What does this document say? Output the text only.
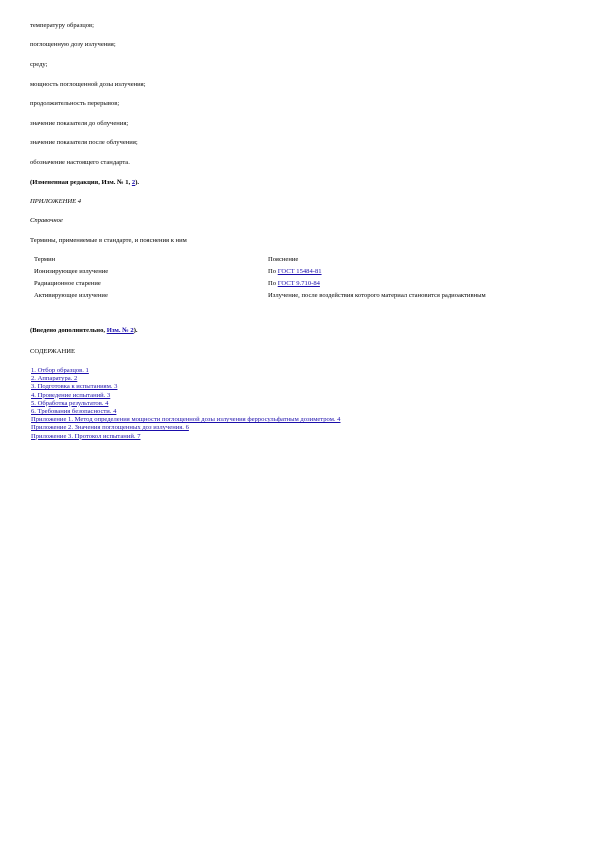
температуру образцов;
поглощенную дозу излучения;
среду;
мощность поглощенной дозы излучения;
продолжительность перерывов;
значение показателя до облучения;
значение показателя после облучения;
обозначение настоящего стандарта.
(Измененная редакция, Изм. № 1, 2).
ПРИЛОЖЕНИЕ 4
Справочное
Термины, применяемые в стандарте, и пояснения к ним
Термин	Пояснение
Ионизирующее излучение	По ГОСТ 15484-81
Радиационное старение	По ГОСТ 9.710-84
Активирующее излучение	Излучение, после воздействия которого материал становится радиоактивным
(Введено дополнительно, Изм. № 2).
СОДЕРЖАНИЕ
1. Отбор образцов. 1
2. Аппаратура. 2
3. Подготовка к испытаниям. 3
4. Проведение испытаний. 3
5. Обработка результатов. 4
6. Требования безопасности. 4
Приложение 1. Метод определения мощности поглощенной дозы излучения ферросульфатным дозиметром. 4
Приложение 2. Значения поглощенных доз излучения. 6
Приложение 3. Протокол испытаний. 7
